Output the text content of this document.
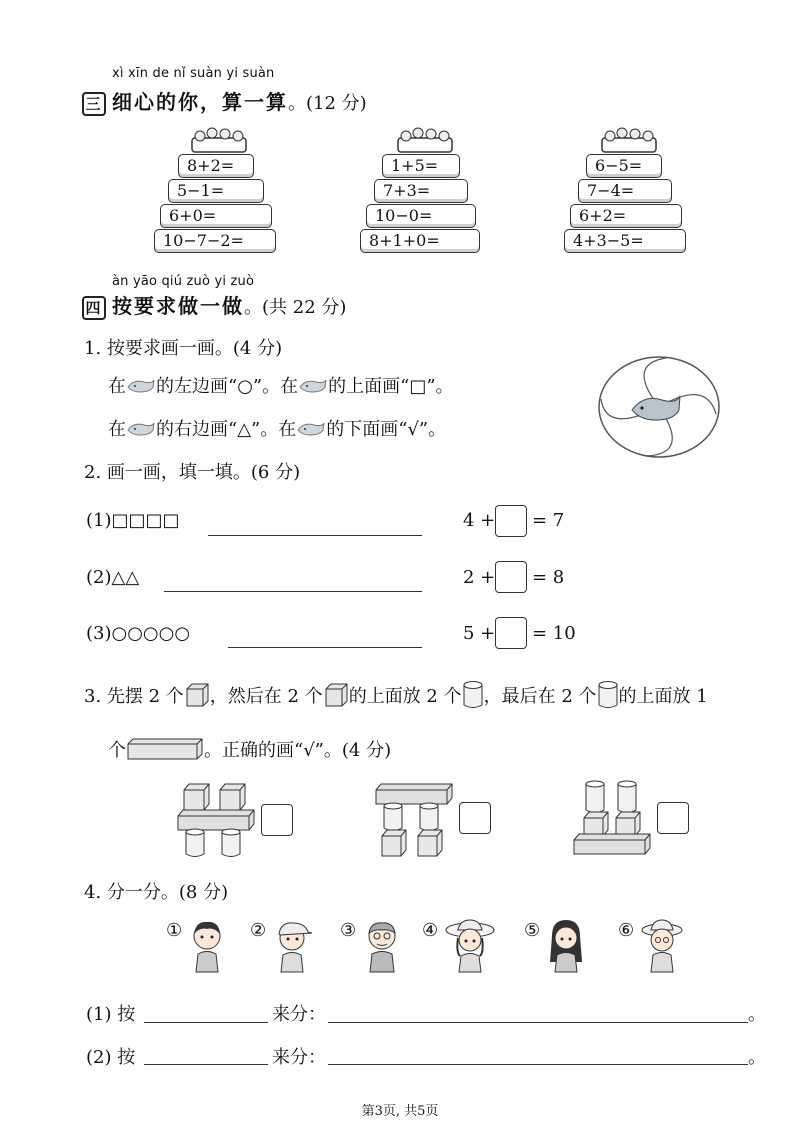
xì xīn de nǐ suàn yi suàn
三 细心的你，算一算。(12 分)
8+2=
5−1=
6+0=
10−7−2=
1+5=
7+3=
10−0=
8+1+0=
6−5=
7−4=
6+2=
4+3−5=
àn yāo qiú zuò yi zuò
四 按要求做一做。(共 22 分)
1. 按要求画一画。(4 分)
在 的左边画“○”。在 的上面画“□”。
在 的右边画“△”。在 的下面画“√”。
2. 画一画，填一填。(6 分)
(1)□□□□	4 + = 7
(2)△△	2 + = 8
(3)○○○○○	5 + = 10
3. 先摆 2 个 ，然后在 2 个 的上面放 2 个 ，最后在 2 个 的上面放 1
个	。正确的画“√”。(4 分)
4. 分一分。(8 分)
①	②	③	④	⑤	⑥
(1) 按	来分：	。
(2) 按	来分：	。
第3页, 共5页
